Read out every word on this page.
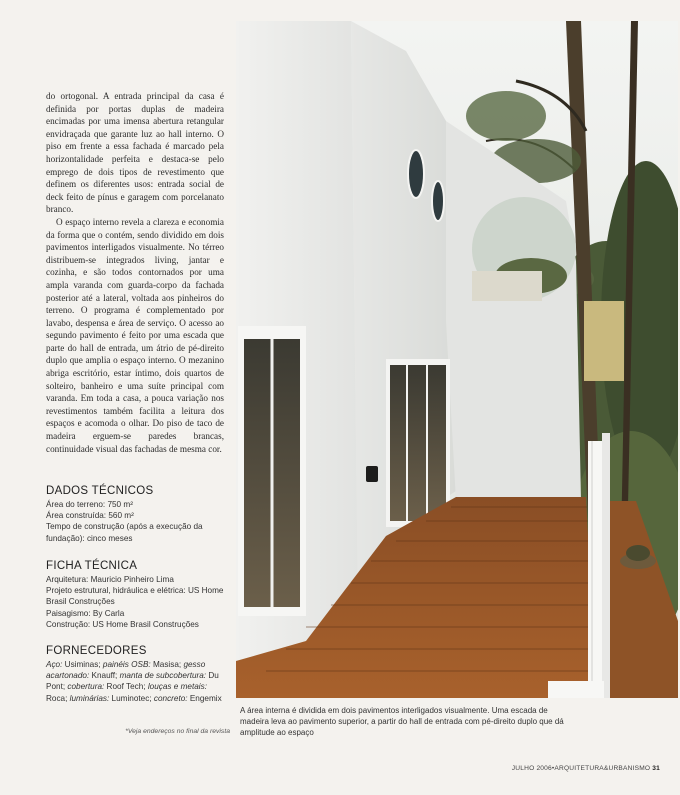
do ortogonal. A entrada principal da casa é definida por portas duplas de madeira encimadas por uma imensa abertura retangular envidraçada que garante luz ao hall interno. O piso em frente a essa fachada é marcado pela horizontalidade perfeita e destaca-se pelo emprego de dois tipos de revestimento que definem os diferentes usos: entrada social de deck feito de pínus e garagem com porcelanato branco.

O espaço interno revela a clareza e economia da forma que o contém, sendo dividido em dois pavimentos interligados visualmente. No térreo distribuem-se integrados living, jantar e cozinha, e são todos contornados por uma ampla varanda com guarda-corpo da fachada posterior até a lateral, voltada aos pinheiros do terreno. O programa é complementado por lavabo, despensa e área de serviço. O acesso ao segundo pavimento é feito por uma escada que parte do hall de entrada, um átrio de pé-direito duplo que amplia o espaço interno. O mezanino abriga escritório, estar íntimo, dois quartos de solteiro, banheiro e uma suíte principal com varanda. Em toda a casa, a pouca variação nos revestimentos também facilita a leitura dos espaços e acomoda o olhar. Do piso de taco de madeira erguem-se paredes brancas, continuidade visual das fachadas de mesma cor.

DADOS TÉCNICOS
Área do terreno: 750 m²
Área construída: 560 m²
Tempo de construção (após a execução da fundação): cinco meses
FICHA TÉCNICA
Arquitetura: Mauricio Pinheiro Lima
Projeto estrutural, hidráulica e elétrica: US Home Brasil Construções
Paisagismo: By Carla
Construção: US Home Brasil Construções
FORNECEDORES
Aço: Usiminas; painéis OSB: Masisa; gesso acartonado: Knauff; manta de subcobertura: Du Pont; cobertura: Roof Tech; louças e metais: Roca; luminárias: Luminotec; concreto: Engemix
*Veja endereços no final da revista
A área interna é dividida em dois pavimentos interligados visualmente. Uma escada de madeira leva ao pavimento superior, a partir do hall de entrada com pé-direito duplo que dá amplitude ao espaço
JULHO 2006•ARQUITETURA&URBANISMO 31
